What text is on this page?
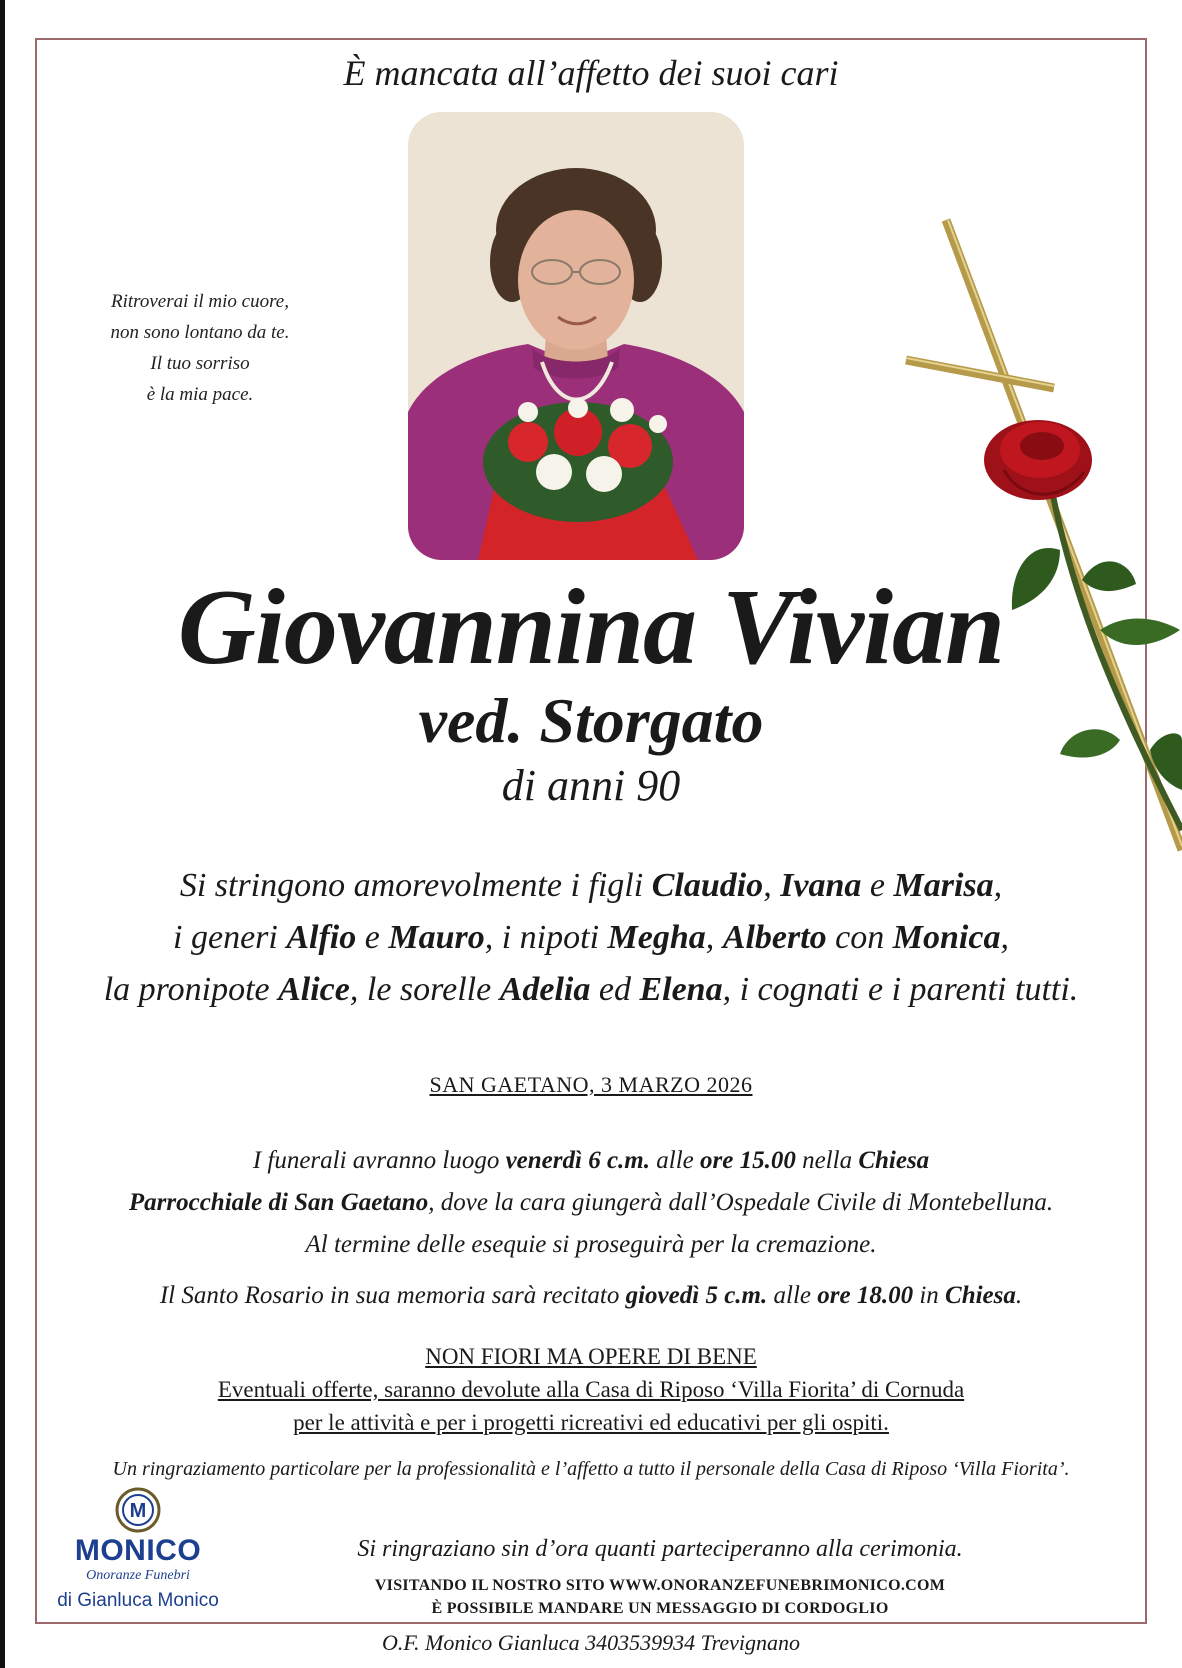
È mancata all’affetto dei suoi cari
Ritroverai il mio cuore,
non sono lontano da te.
Il tuo sorriso
è la mia pace.
Giovannina Vivian
ved. Storgato
di anni 90
Si stringono amorevolmente i figli Claudio, Ivana e Marisa,
i generi Alfio e Mauro, i nipoti Megha, Alberto con Monica,
la pronipote Alice, le sorelle Adelia ed Elena, i cognati e i parenti tutti.
SAN GAETANO, 3 MARZO 2026
I funerali avranno luogo venerdì 6 c.m. alle ore 15.00 nella Chiesa
Parrocchiale di San Gaetano, dove la cara giungerà dall’Ospedale Civile di Montebelluna.
Al termine delle esequie si proseguirà per la cremazione.
Il Santo Rosario in sua memoria sarà recitato giovedì 5 c.m. alle ore 18.00 in Chiesa.
NON FIORI MA OPERE DI BENE
Eventuali offerte, saranno devolute alla Casa di Riposo ‘Villa Fiorita’ di Cornuda
per le attività e per i progetti ricreativi ed educativi per gli ospiti.
Un ringraziamento particolare per la professionalità e l’affetto a tutto il personale della Casa di Riposo ‘Villa Fiorita’.
Si ringraziano sin d’ora quanti parteciperanno alla cerimonia.
VISITANDO IL NOSTRO SITO WWW.ONORANZEFUNEBRIMONICO.COM
È POSSIBILE MANDARE UN MESSAGGIO DI CORDOGLIO
M
MONICO
Onoranze Funebri
di Gianluca Monico
O.F. Monico Gianluca 3403539934 Trevignano
